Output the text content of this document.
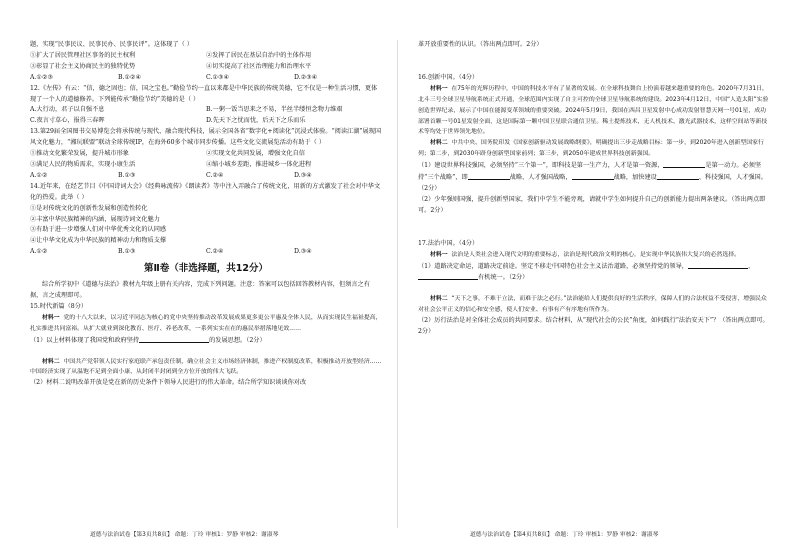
题，实现“民事民议、民事民办、民事民评”。这体现了（ ）

①扩大了居民管理社区事务的民主权利	②发挥了居民在基层自治中的主体作用
③彰显了社会主义协商民主的独特优势	④切实提高了社区治理能力和治理水平
A.①②③	B.①②④	C.①③④	D.②③④

12.《左传》有云：“信，德之固也；信，国之宝也。”勤俭节约一直以来都是中华民族的传统美德，它不仅是一种生活习惯，更体现了一个人的道德修养。下列能传承“勤俭节约”美德的是（ ）

A.大行动，君子以自强不息	B.一粥一饭当思来之不易，半丝半缕恒念物力维艰
C.夜言寸草心，报得三春晖	D.先天下之忧而忧，后天下之乐而乐

13.第29届全国图书交易博览会将承传统与现代，融合现代科技，展示全国各省“数字化+阅读化”沉浸式体验。“阅读江湖”展现国风文化魅力，“湘玩联盟”联动全球传统IP，在海外60多个城市同步传播。这些文化交流展览活动有助于（ ）

①推动文化繁荣发展，提升城市形象	②实现文化共同发展，增强文化自信
③满足人民的物质需求，实现小康生活	④缩小城乡差距，推进城乡一体化进程
A.①②	B.①③	C.②④	D.③④

14.近年来，在经艺节目《中国诗词大会》《经典咏流传》《朗读者》等中注入弄融合了传统文化，用新的方式激发了社会对中华文化的热爱。此举（ ）

①是对传统文化的创新性发展和创造性转化

②丰富中华民族精神的内涵，展现诗词文化魅力

③有助于进一步增强人们对中华优秀文化的认同感

④让中华文化成为中华民族的精神动力和物质支撑

A.①②	B.①③	C.②④	D.③④
第Ⅱ卷（非选择题，共12分）

综合所学初中《道德与法治》教材九年级上册有关内容，完成下列问题。注意：答案可以包括回答教材内容，但须言之有据，言之成理即可。

15.时代新篇（8分）

材料一 党的十八大以来，以习近平同志为核心的党中央坚持推动改革发展成果更多更公平惠及全体人民，从而实现民生福祉提高，扎实推进共同富裕。从扩大就业到深化教育、医疗、养老改革，一系列实实在在的惠民举措落地见效……

（1）以上材料体现了我国党和政府坚持	的发展思想。（2分）

材料二 中国共产党带领人民实行家庭联产承包责任制，确立社会主义市场经济体制，推进产权制度改革，积极推动开放型经济……中国经济实现了从温饱不足到全面小康、从封闭半封闭到全方位开放的伟大飞跃。

（2）材料二说明改革开放是党在新的历史条件下领导人民进行的伟大革命。结合所学知识谈谈你对改

革开放重要性的认识。（答出两点即可。2分）

16.创新中国。（4分）

材料一 在75年的光辉历程中，中国的科技水平有了显著的发展。在全球科技舞台上扮演着越来越重要的角色。2020年7月31日，北斗三号全球卫星导航系统正式开通，全球范围内实现了自主可控的全球卫星导航系统的建设。2023年4月12日，中国“人造太阳”实验创造世界纪录，展示了中国在能源变革领域的重要突破。2024年5月9日，我国在西昌卫星发射中心成功发射智慧天网一号01星，成功部署首颗一号01星发射全面，这是国际第一颗中国卫星联合通信卫星。稀土提炼技术，无人机技术、激光武器技术，这样空间站等新技术等均处于世界领先地位。

材料二 中共中央、国务院印发《国家创新驱动发展战略纲要》，明确提出三步走战略目标：第一步，到2020年进入创新型国家行列；第二步，到2030年跻身创新型国家前列；第三步，到2050年建成世界科技创新强国。

（1）建设世界科技强国，必须坚持“三个第一”，即科技是第一生产力，人才是第一资源，	是第一动力。必须坚持“三个战略”，即	战略、人才强国战略，	战略，加快建设	、科技强国，人才强国。（2分）

（2）少年强则国强，提升创新型国家，我们中学生不能旁观，请就中学生如何提升自己的创新能力提出两条建议。（答出两点即可。2分）

17.法治中国。（4分）

材料一 法治是人类社会进入现代文明的重要标志，法治是现代政治文明的核心，是实现中华民族伟大复兴的必然选择。

（1）道路决定命运，道路决定前途。坚定不移走中国特色社会主义法治道路，必须坚持党的领导，	、有机统一。（2分）

材料二 “天下之事，不难于立法，而难于法之必行。”法治能给人们提供良好的生活秩序，保障人们的合法权益不受侵害，增强民众对社会公平正义的信心和安全感，使人们安业、有事有产有序地有所作为。

（2）厉行法治是对全体社会成员的共同要求。结合材料，从“现代社会的公民”角度，如何践行“法治安天下”？（答出两点即可。2分）

道德与法治试卷【第3页共8页】 命题：丁玲 审核1：罗静 审核2：谢淑琴	道德与法治试卷【第4页共8页】 命题：丁玲 审核1：罗静 审核2：谢淑琴
